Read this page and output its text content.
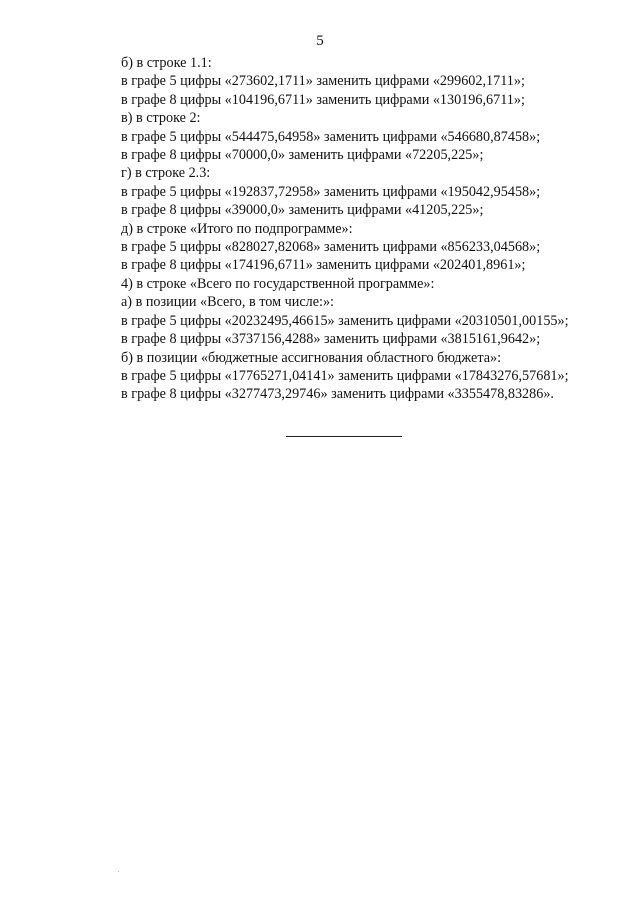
5
б) в строке 1.1:
в графе 5 цифры «273602,1711» заменить цифрами «299602,1711»;
в графе 8 цифры «104196,6711» заменить цифрами «130196,6711»;
в) в строке 2:
в графе 5 цифры «544475,64958» заменить цифрами «546680,87458»;
в графе 8 цифры «70000,0» заменить цифрами «72205,225»;
г) в строке 2.3:
в графе 5 цифры «192837,72958» заменить цифрами «195042,95458»;
в графе 8 цифры «39000,0» заменить цифрами «41205,225»;
д) в строке «Итого по подпрограмме»:
в графе 5 цифры «828027,82068» заменить цифрами «856233,04568»;
в графе 8 цифры «174196,6711» заменить цифрами «202401,8961»;
4) в строке «Всего по государственной программе»:
а) в позиции «Всего, в том числе:»:
в графе 5 цифры «20232495,46615» заменить цифрами «20310501,00155»;
в графе 8 цифры «3737156,4288» заменить цифрами «3815161,9642»;
б) в позиции «бюджетные ассигнования областного бюджета»:
в графе 5 цифры «17765271,04141» заменить цифрами «17843276,57681»;
в графе 8 цифры «3277473,29746» заменить цифрами «3355478,83286».
